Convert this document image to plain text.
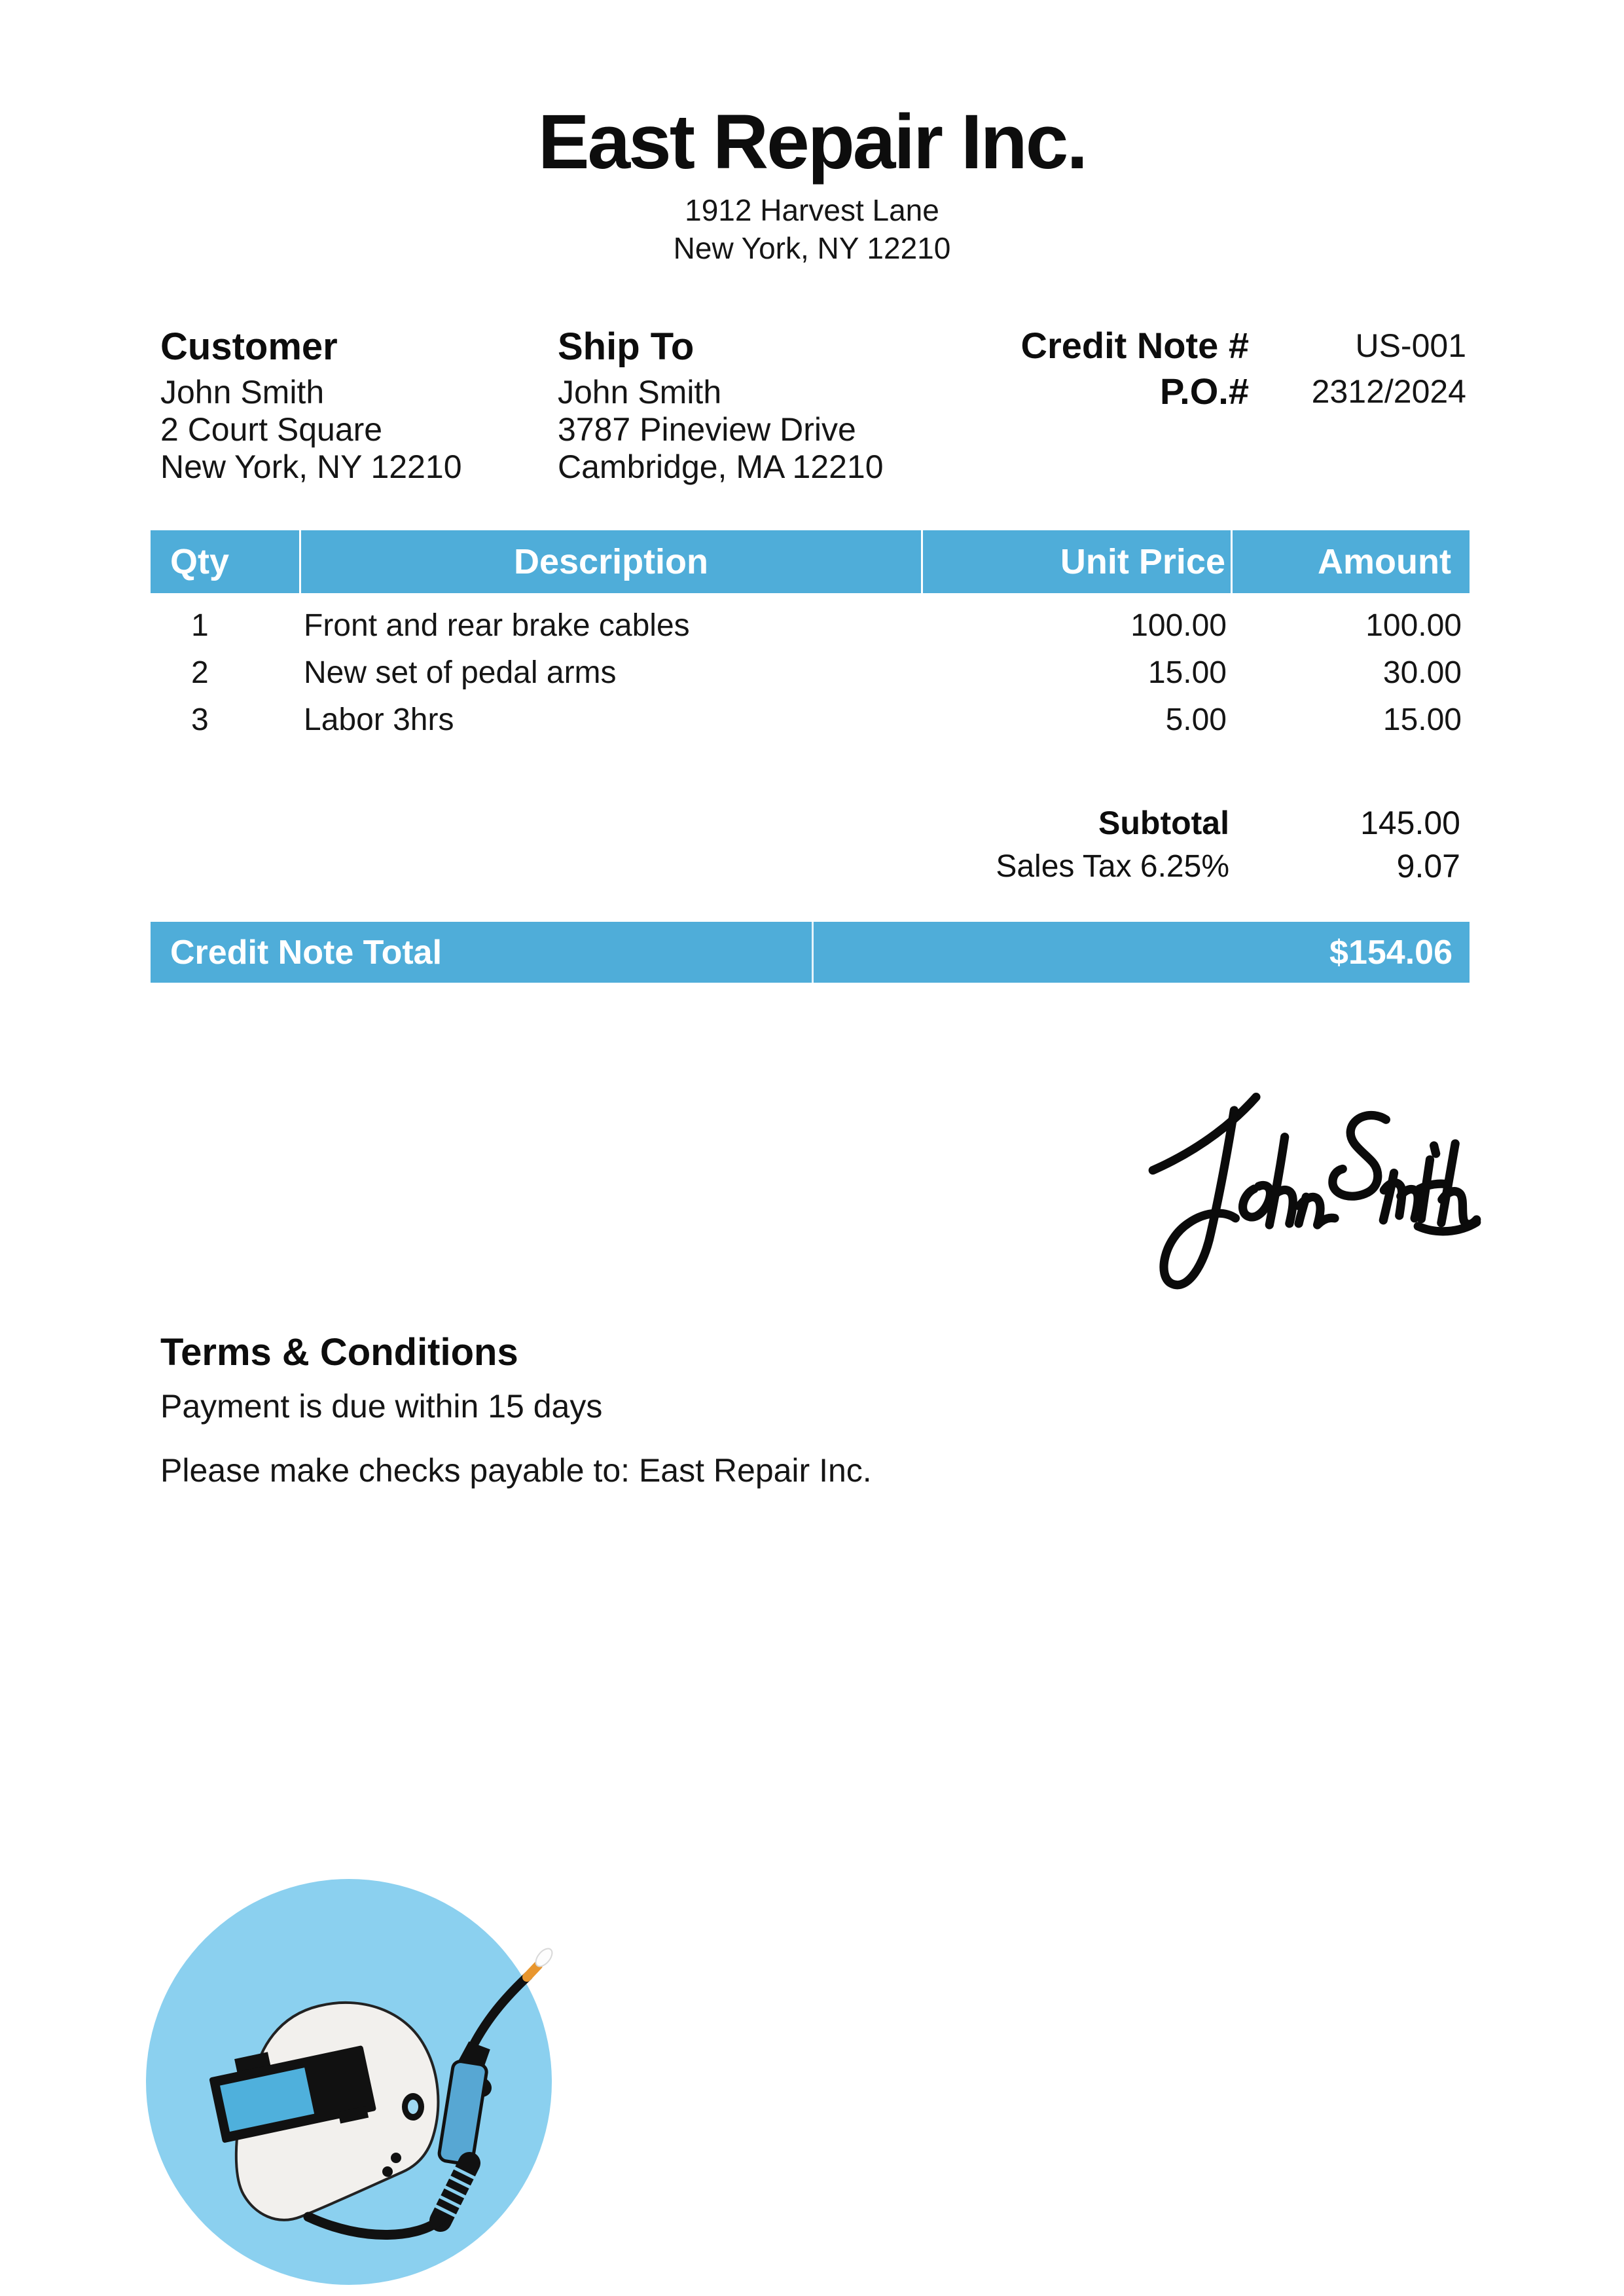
East Repair Inc.
1912 Harvest Lane
New York, NY 12210
Customer
John Smith
2 Court Square
New York, NY 12210
Ship To
John Smith
3787 Pineview Drive
Cambridge, MA 12210
Credit Note #	US-001
P.O.#	2312/2024
Qty	Description	Unit Price	Amount
1	Front and rear brake cables	100.00	100.00
2	New set of pedal arms	15.00	30.00
3	Labor 3hrs	5.00	15.00
Subtotal	145.00
Sales Tax 6.25%	9.07
Credit Note Total	$154.06
Terms & Conditions
Payment is due within 15 days
Please make checks payable to: East Repair Inc.
